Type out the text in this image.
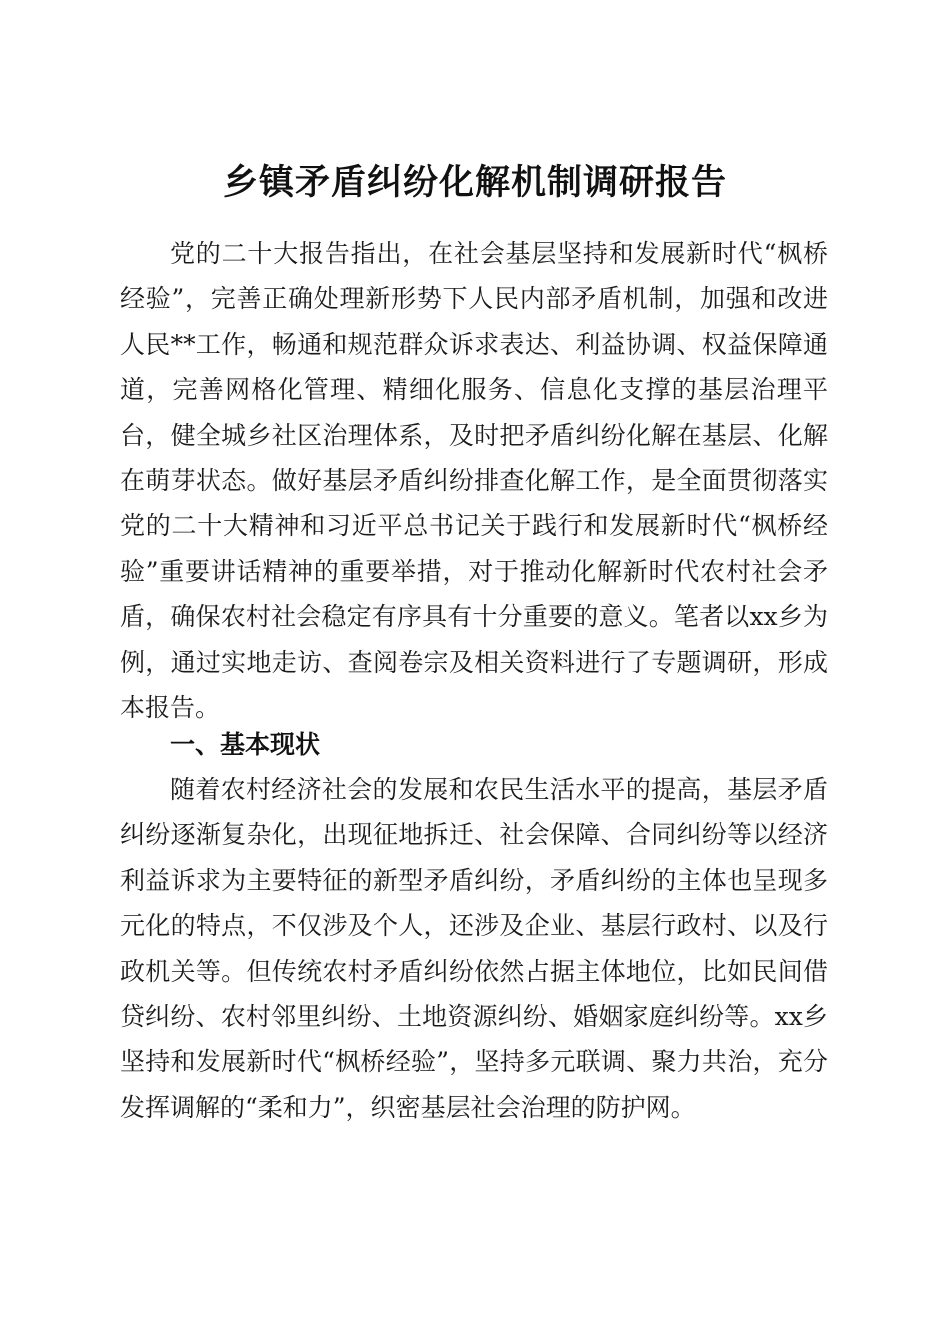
乡镇矛盾纠纷化解机制调研报告

党的二十大报告指出，在社会基层坚持和发展新时代“枫桥经验”，完善正确处理新形势下人民内部矛盾机制，加强和改进人民**工作，畅通和规范群众诉求表达、利益协调、权益保障通道，完善网格化管理、精细化服务、信息化支撑的基层治理平台，健全城乡社区治理体系，及时把矛盾纠纷化解在基层、化解在萌芽状态。做好基层矛盾纠纷排查化解工作，是全面贯彻落实党的二十大精神和习近平总书记关于践行和发展新时代“枫桥经验”重要讲话精神的重要举措，对于推动化解新时代农村社会矛盾，确保农村社会稳定有序具有十分重要的意义。笔者以xx乡为例，通过实地走访、查阅卷宗及相关资料进行了专题调研，形成本报告。

一、基本现状

随着农村经济社会的发展和农民生活水平的提高，基层矛盾纠纷逐渐复杂化，出现征地拆迁、社会保障、合同纠纷等以经济利益诉求为主要特征的新型矛盾纠纷，矛盾纠纷的主体也呈现多元化的特点，不仅涉及个人，还涉及企业、基层行政村、以及行政机关等。但传统农村矛盾纠纷依然占据主体地位，比如民间借贷纠纷、农村邻里纠纷、土地资源纠纷、婚姻家庭纠纷等。xx乡坚持和发展新时代“枫桥经验”，坚持多元联调、聚力共治，充分发挥调解的“柔和力”，织密基层社会治理的防护网。
